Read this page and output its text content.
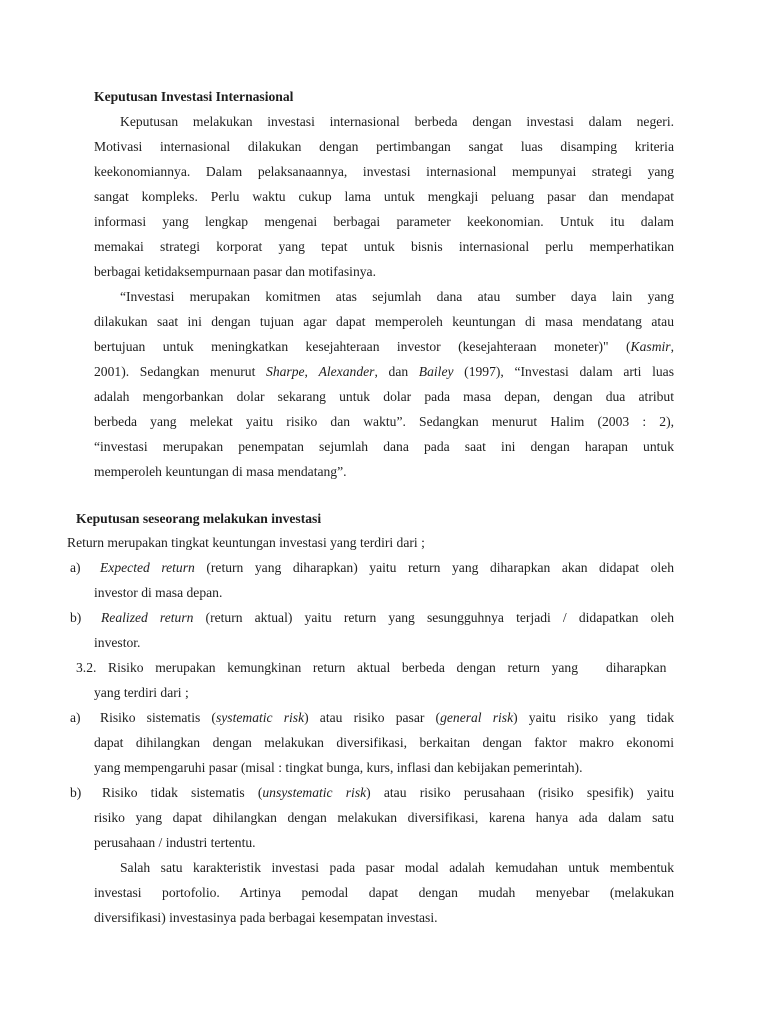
Keputusan Investasi Internasional
Keputusan melakukan investasi internasional berbeda dengan investasi dalam negeri.
Motivasi internasional dilakukan dengan pertimbangan sangat luas disamping kriteria
keekonomiannya. Dalam pelaksanaannya, investasi internasional mempunyai strategi yang
sangat kompleks. Perlu waktu cukup lama untuk mengkaji peluang pasar dan mendapat
informasi yang lengkap mengenai berbagai parameter keekonomian. Untuk itu dalam
memakai strategi korporat yang tepat untuk bisnis internasional perlu memperhatikan
berbagai ketidaksempurnaan pasar dan motifasinya.
“Investasi merupakan komitmen atas sejumlah dana atau sumber daya lain yang
dilakukan saat ini dengan tujuan agar dapat memperoleh keuntungan di masa mendatang atau
bertujuan untuk meningkatkan kesejahteraan investor (kesejahteraan moneter)" (Kasmir,
2001). Sedangkan menurut Sharpe, Alexander, dan Bailey (1997), “Investasi dalam arti luas
adalah mengorbankan dolar sekarang untuk dolar pada masa depan, dengan dua atribut
berbeda yang melekat yaitu risiko dan waktu”. Sedangkan menurut Halim (2003 : 2),
“investasi merupakan penempatan sejumlah dana pada saat ini dengan harapan untuk
memperoleh keuntungan di masa mendatang”.
Keputusan seseorang melakukan investasi
Return merupakan tingkat keuntungan investasi yang terdiri dari ;
a) Expected return (return yang diharapkan) yaitu return yang diharapkan akan didapat oleh
investor di masa depan.
b) Realized return (return aktual) yaitu return yang sesungguhnya terjadi / didapatkan oleh
investor.
3.2. Risiko merupakan kemungkinan return aktual berbeda dengan return yang diharapkan
yang terdiri dari ;
a) Risiko sistematis (systematic risk) atau risiko pasar (general risk) yaitu risiko yang tidak
dapat dihilangkan dengan melakukan diversifikasi, berkaitan dengan faktor makro ekonomi
yang mempengaruhi pasar (misal : tingkat bunga, kurs, inflasi dan kebijakan pemerintah).
b) Risiko tidak sistematis (unsystematic risk) atau risiko perusahaan (risiko spesifik) yaitu
risiko yang dapat dihilangkan dengan melakukan diversifikasi, karena hanya ada dalam satu
perusahaan / industri tertentu.
Salah satu karakteristik investasi pada pasar modal adalah kemudahan untuk membentuk
investasi portofolio. Artinya pemodal dapat dengan mudah menyebar (melakukan
diversifikasi) investasinya pada berbagai kesempatan investasi.
